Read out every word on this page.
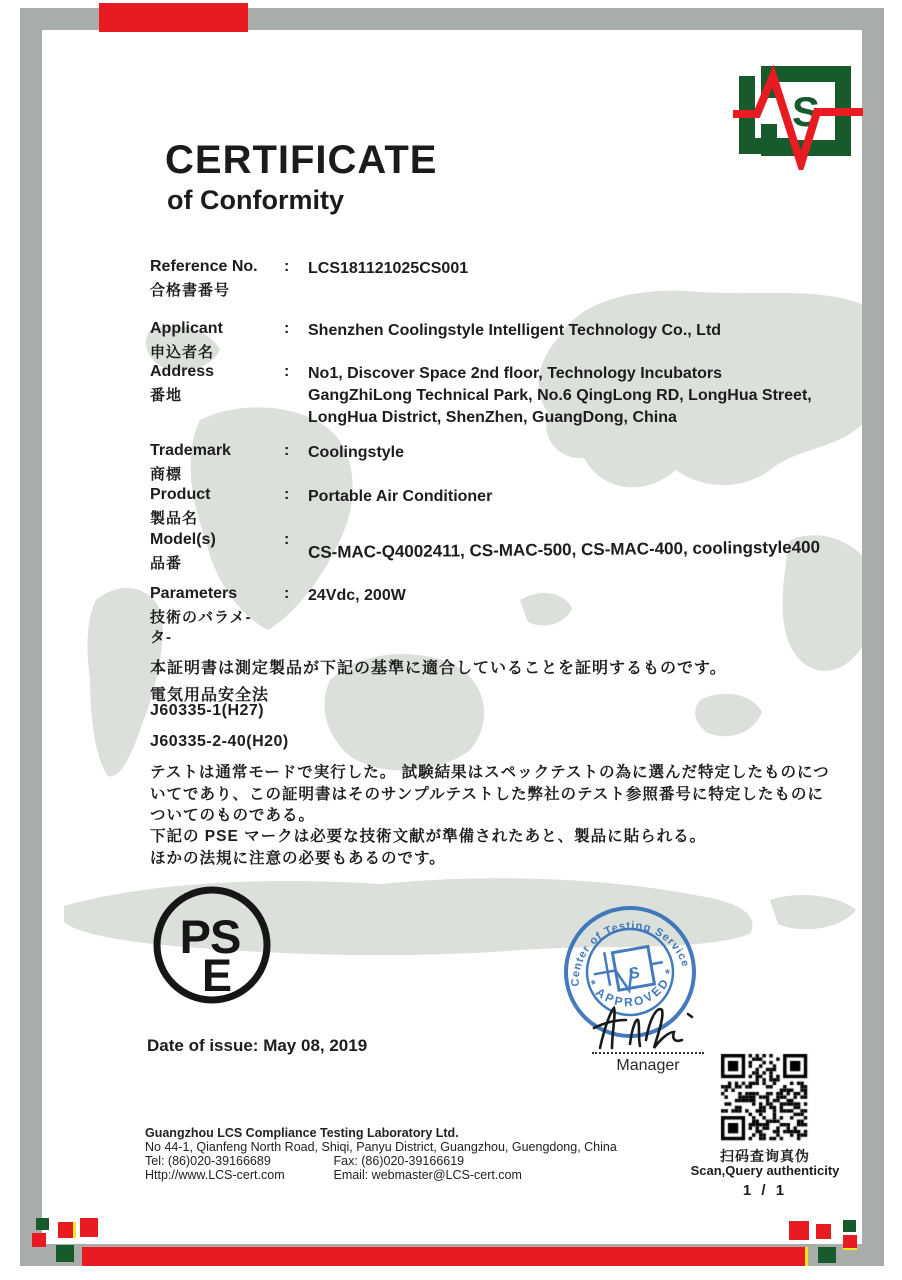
S
CERTIFICATE
of Conformity
Reference No.
合格書番号
: LCS181121025CS001
Applicant
申込者名
: Shenzhen Coolingstyle Intelligent Technology Co., Ltd
Address
番地
: No1, Discover Space 2nd floor, Technology Incubators
GangZhiLong Technical Park, No.6 QingLong RD, LongHua Street,
LongHua District, ShenZhen, GuangDong, China
Trademark
商標
: Coolingstyle
Product
製品名
: Portable Air Conditioner
Model(s)
品番
: CS-MAC-Q4002411, CS-MAC-500, CS-MAC-400, coolingstyle400
Parameters
技術のバラメ-
タ-
: 24Vdc, 200W
本証明書は測定製品が下記の基準に適合していることを証明するものです。
電気用品安全法
J60335-1(H27)
J60335-2-40(H20)
テストは通常モードで実行した。 試験結果はスペックテストの為に選んだ特定したものにつ
いてであり、この証明書はそのサンプルテストした弊社のテスト参照番号に特定したものに
ついてのものである。
下記の PSE マークは必要な技術文献が準備されたあと、製品に貼られる。
ほかの法規に注意の必要もあるのです。
PS
E
Date of issue: May 08, 2019
Center of Testing Service
* APPROVED *
S
Manager
扫码查询真伪
Scan,Query authenticity
1 / 1
Guangzhou LCS Compliance Testing Laboratory Ltd.
No 44-1, Qianfeng North Road, Shiqi, Panyu District, Guangzhou, Guengdong, China
Tel: (86)020-39166689	Fax: (86)020-39166619
Http://www.LCS-cert.com	Email: webmaster@LCS-cert.com
